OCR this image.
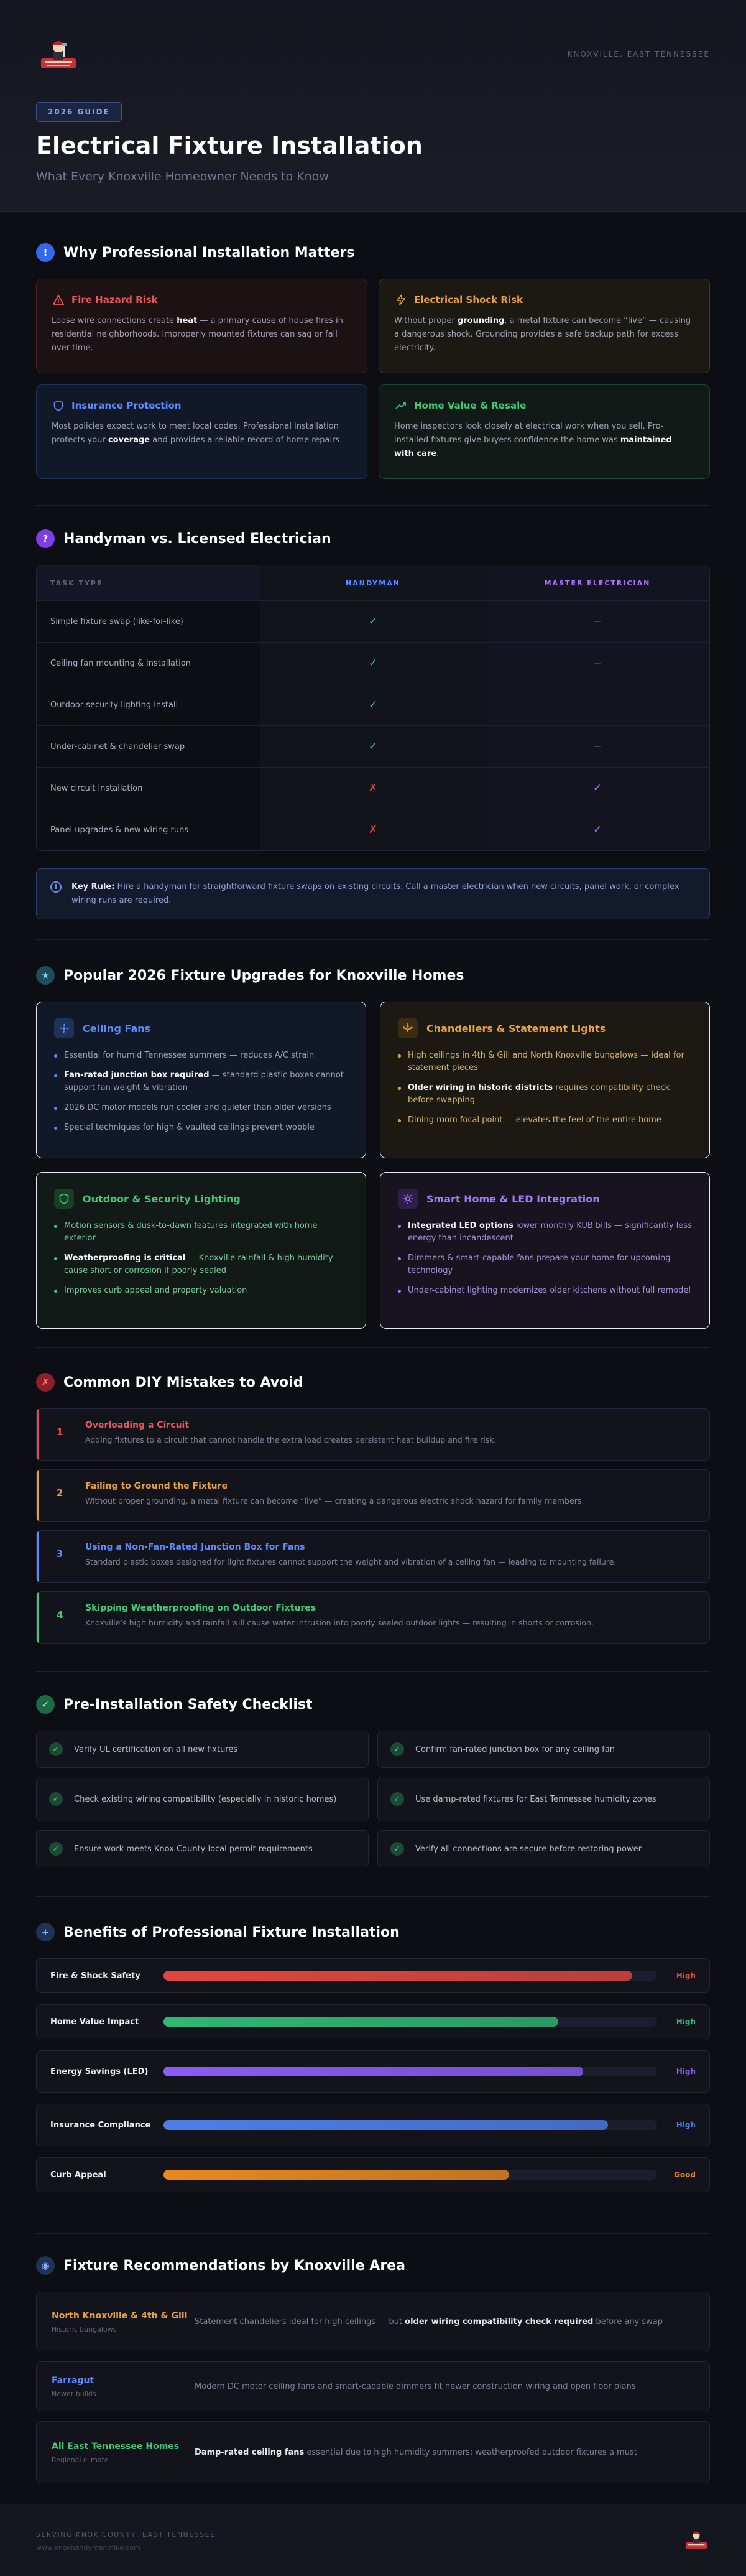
KNOXVILLE, EAST TENNESSEE
2026 GUIDE
Electrical Fixture Installation
What Every Knoxville Homeowner Needs to Know
!	Why Professional Installation Matters
Fire Hazard Risk
Loose wire connections create heat — a primary cause of house fires in residential neighborhoods. Improperly mounted fixtures can sag or fall over time.
Electrical Shock Risk
Without proper grounding, a metal fixture can become “live” — causing a dangerous shock. Grounding provides a safe backup path for excess electricity.
Insurance Protection
Most policies expect work to meet local codes. Professional installation protects your coverage and provides a reliable record of home repairs.
Home Value & Resale
Home inspectors look closely at electrical work when you sell. Pro-installed fixtures give buyers confidence the home was maintained with care.
?	Handyman vs. Licensed Electrician
TASK TYPE	HANDYMAN	MASTER ELECTRICIAN
Simple fixture swap (like-for-like)	✓	—
Ceiling fan mounting & installation	✓	—
Outdoor security lighting install	✓	—
Under-cabinet & chandelier swap	✓	—
New circuit installation	✗	✓
Panel upgrades & new wiring runs	✗	✓
i	Key Rule: Hire a handyman for straightforward fixture swaps on existing circuits. Call a master electrician when new circuits, panel work, or complex wiring runs are required.
★	Popular 2026 Fixture Upgrades for Knoxville Homes
Ceiling Fans
Essential for humid Tennessee summers — reduces A/C strain
Fan-rated junction box required — standard plastic boxes cannot support fan weight & vibration
2026 DC motor models run cooler and quieter than older versions
Special techniques for high & vaulted ceilings prevent wobble
Chandeliers & Statement Lights
High ceilings in 4th & Gill and North Knoxville bungalows — ideal for statement pieces
Older wiring in historic districts requires compatibility check before swapping
Dining room focal point — elevates the feel of the entire home
Outdoor & Security Lighting
Motion sensors & dusk-to-dawn features integrated with home exterior
Weatherproofing is critical — Knoxville rainfall & high humidity cause short or corrosion if poorly sealed
Improves curb appeal and property valuation
Smart Home & LED Integration
Integrated LED options lower monthly KUB bills — significantly less energy than incandescent
Dimmers & smart-capable fans prepare your home for upcoming technology
Under-cabinet lighting modernizes older kitchens without full remodel
✗	Common DIY Mistakes to Avoid
1
Overloading a Circuit
Adding fixtures to a circuit that cannot handle the extra load creates persistent heat buildup and fire risk.
2
Failing to Ground the Fixture
Without proper grounding, a metal fixture can become “live” — creating a dangerous electric shock hazard for family members.
3
Using a Non-Fan-Rated Junction Box for Fans
Standard plastic boxes designed for light fixtures cannot support the weight and vibration of a ceiling fan — leading to mounting failure.
4
Skipping Weatherproofing on Outdoor Fixtures
Knoxville’s high humidity and rainfall will cause water intrusion into poorly sealed outdoor lights — resulting in shorts or corrosion.
✓	Pre-Installation Safety Checklist
✓	Verify UL certification on all new fixtures	✓	Confirm fan-rated junction box for any ceiling fan
✓	Check existing wiring compatibility (especially in historic homes)	✓	Use damp-rated fixtures for East Tennessee humidity zones
✓	Ensure work meets Knox County local permit requirements	✓	Verify all connections are secure before restoring power
+	Benefits of Professional Fixture Installation
Fire & Shock Safety	High
Home Value Impact	High
Energy Savings (LED)	High
Insurance Compliance	High
Curb Appeal	Good
◉	Fixture Recommendations by Knoxville Area
North Knoxville & 4th & Gill
Historic bungalows
Statement chandeliers ideal for high ceilings — but older wiring compatibility check required before any swap
Farragut
Newer builds
Modern DC motor ceiling fans and smart-capable dimmers fit newer construction wiring and open floor plans
All East Tennessee Homes
Regional climate
Damp-rated ceiling fans essential due to high humidity summers; weatherproofed outdoor fixtures a must
SERVING KNOX COUNTY, EAST TENNESSEE
www.knoxhandymanmike.com
